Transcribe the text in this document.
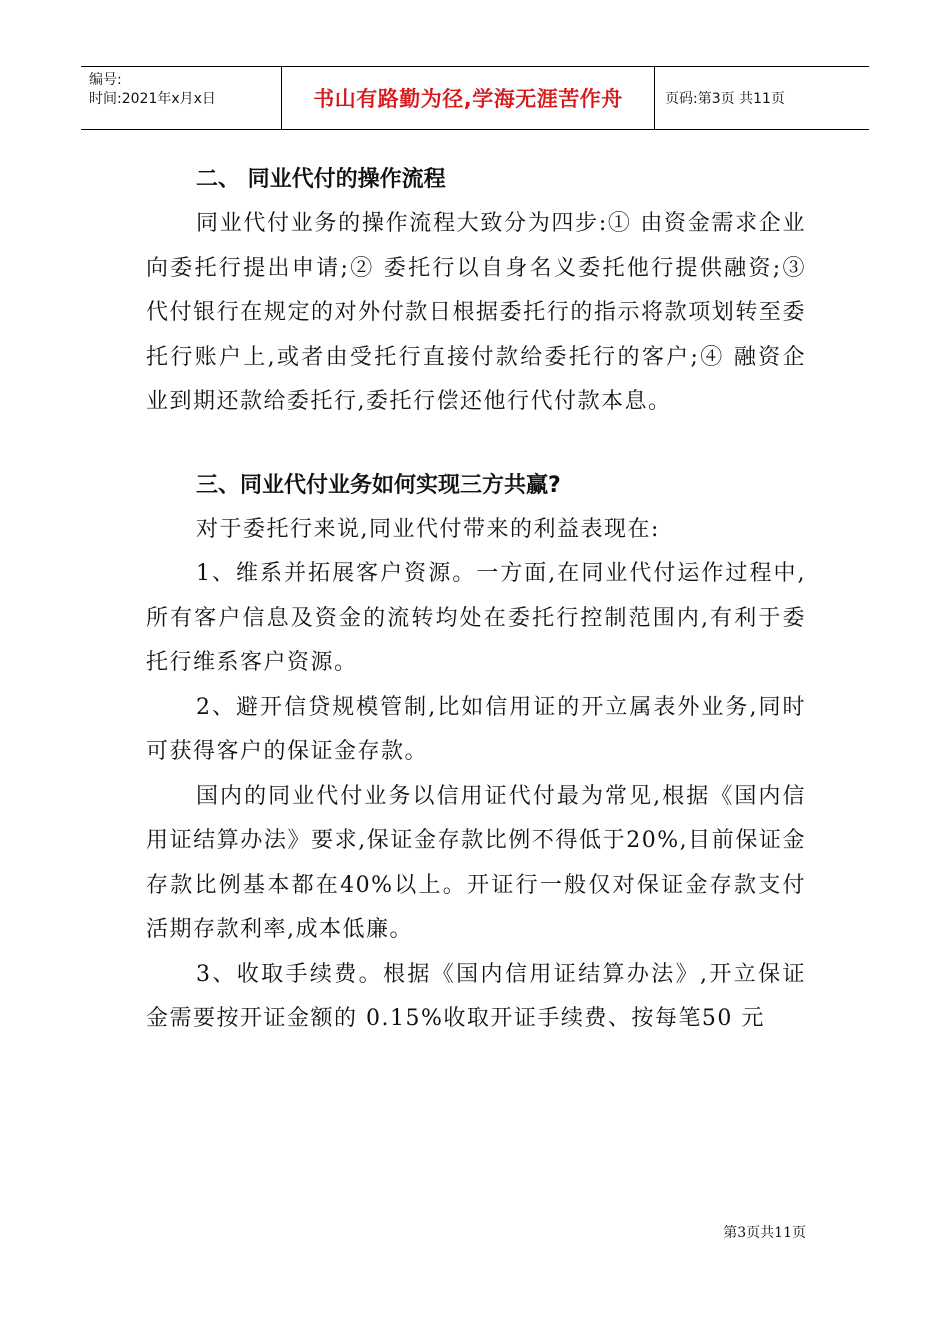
编号:
时间:2021年x月x日	书山有路勤为径,学海无涯苦作舟	页码:第3页 共11页
二、 同业代付的操作流程

同业代付业务的操作流程大致分为四步:① 由资金需求企业向委托行提出申请;② 委托行以自身名义委托他行提供融资;③ 代付银行在规定的对外付款日根据委托行的指示将款项划转至委托行账户上,或者由受托行直接付款给委托行的客户;④ 融资企业到期还款给委托行,委托行偿还他行代付款本息。

三、同业代付业务如何实现三方共赢?

对于委托行来说,同业代付带来的利益表现在:

1、维系并拓展客户资源。一方面,在同业代付运作过程中,所有客户信息及资金的流转均处在委托行控制范围内,有利于委托行维系客户资源。

2、避开信贷规模管制,比如信用证的开立属表外业务,同时可获得客户的保证金存款。

国内的同业代付业务以信用证代付最为常见,根据《国内信用证结算办法》要求,保证金存款比例不得低于20%,目前保证金存款比例基本都在40%以上。开证行一般仅对保证金存款支付活期存款利率,成本低廉。

3、收取手续费。根据《国内信用证结算办法》,开立保证金需要按开证金额的 0.15%收取开证手续费、按每笔50 元

第3页共11页
